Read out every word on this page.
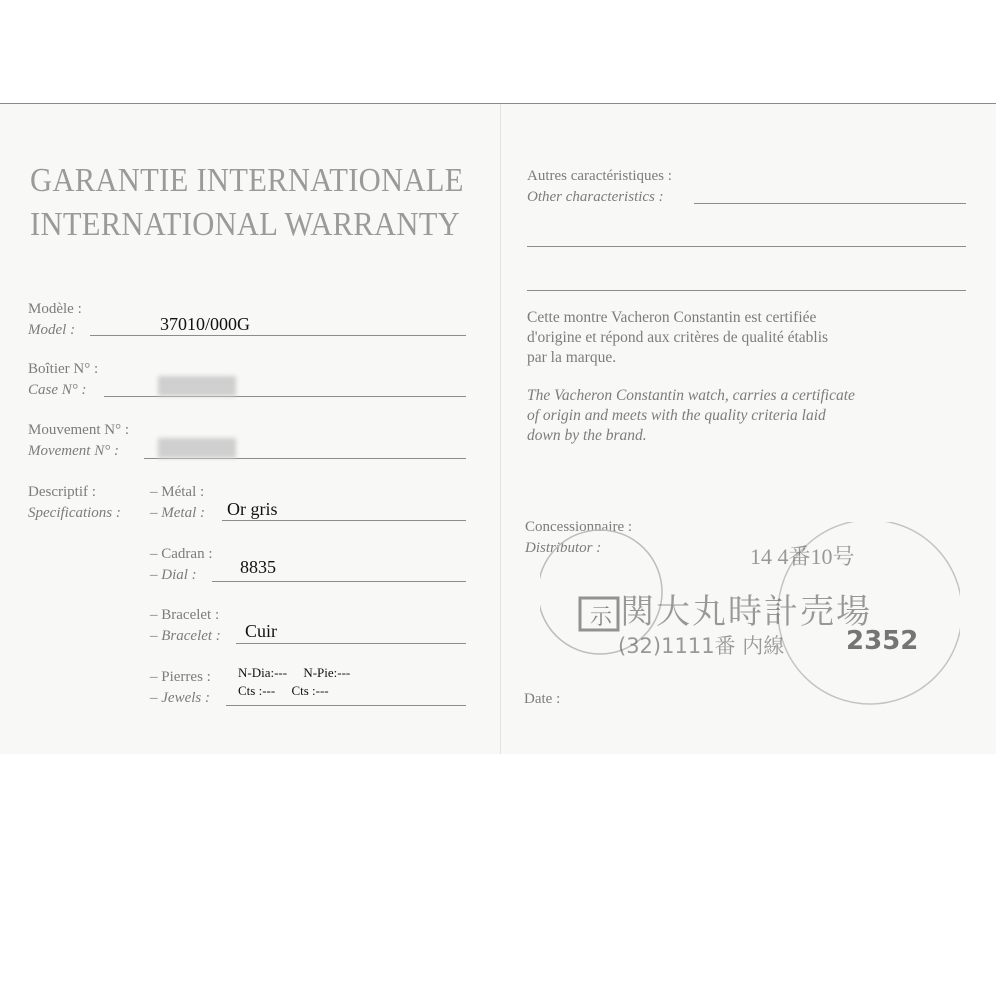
GARANTIE INTERNATIONALE
INTERNATIONAL WARRANTY
Modèle :
Model :	37010/000G
Boîtier N° :
Case N° :
Mouvement N° :
Movement N° :
Descriptif :
Specifications :
– Métal :
– Metal : Or gris
– Cadran :
– Dial :	8835
– Bracelet :
– Bracelet : Cuir
– Pierres :
– Jewels :
N-Dia:---     N-Pie:---
Cts :---     Cts :---
Autres caractéristiques :
Other characteristics :
Cette montre Vacheron Constantin est certifiée
d'origine et répond aux critères de qualité établis
par la marque.
The Vacheron Constantin watch, carries a certificate
of origin and meets with the quality criteria laid
down by the brand.
Concessionnaire :
Distributor :
Date :
示
14 4番10号
関大丸時計売場
(32)1111番 内線 2352
